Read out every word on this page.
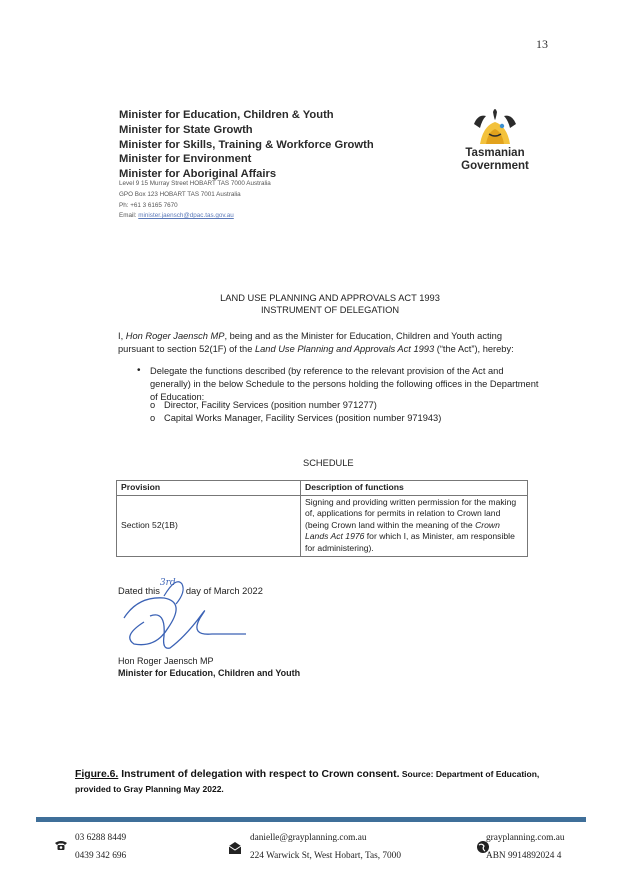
13
Minister for Education, Children & Youth
Minister for State Growth
Minister for Skills, Training & Workforce Growth
Minister for Environment
Minister for Aboriginal Affairs
Level 9 15 Murray Street HOBART TAS 7000 Australia
GPO Box 123 HOBART TAS 7001 Australia
Ph: +61 3 6165 7670
Email: minister.jaensch@dpac.tas.gov.au
Tasmanian
Government
LAND USE PLANNING AND APPROVALS ACT 1993
INSTRUMENT OF DELEGATION
I, Hon Roger Jaensch MP, being and as the Minister for Education, Children and Youth acting pursuant to section 52(1F) of the Land Use Planning and Approvals Act 1993 (“the Act”), hereby:
• Delegate the functions described (by reference to the relevant provision of the Act and generally) in the below Schedule to the persons holding the following offices in the Department of Education:
o Director, Facility Services (position number 971277)
o Capital Works Manager, Facility Services (position number 971943)
SCHEDULE
Provision	Description of functions
Section 52(1B)	Signing and providing written permission for the making of, applications for permits in relation to Crown land (being Crown land within the meaning of the Crown Lands Act 1976 for which I, as Minister, am responsible for administering).
Dated this3rdday of March 2022
Hon Roger Jaensch MP
Minister for Education, Children and Youth
Figure.6. Instrument of delegation with respect to Crown consent. Source: Department of Education, provided to Gray Planning May 2022.
03 6288 8449
0439 342 696
danielle@grayplanning.com.au
224 Warwick St, West Hobart, Tas, 7000
grayplanning.com.au
ABN 9914892024 4
